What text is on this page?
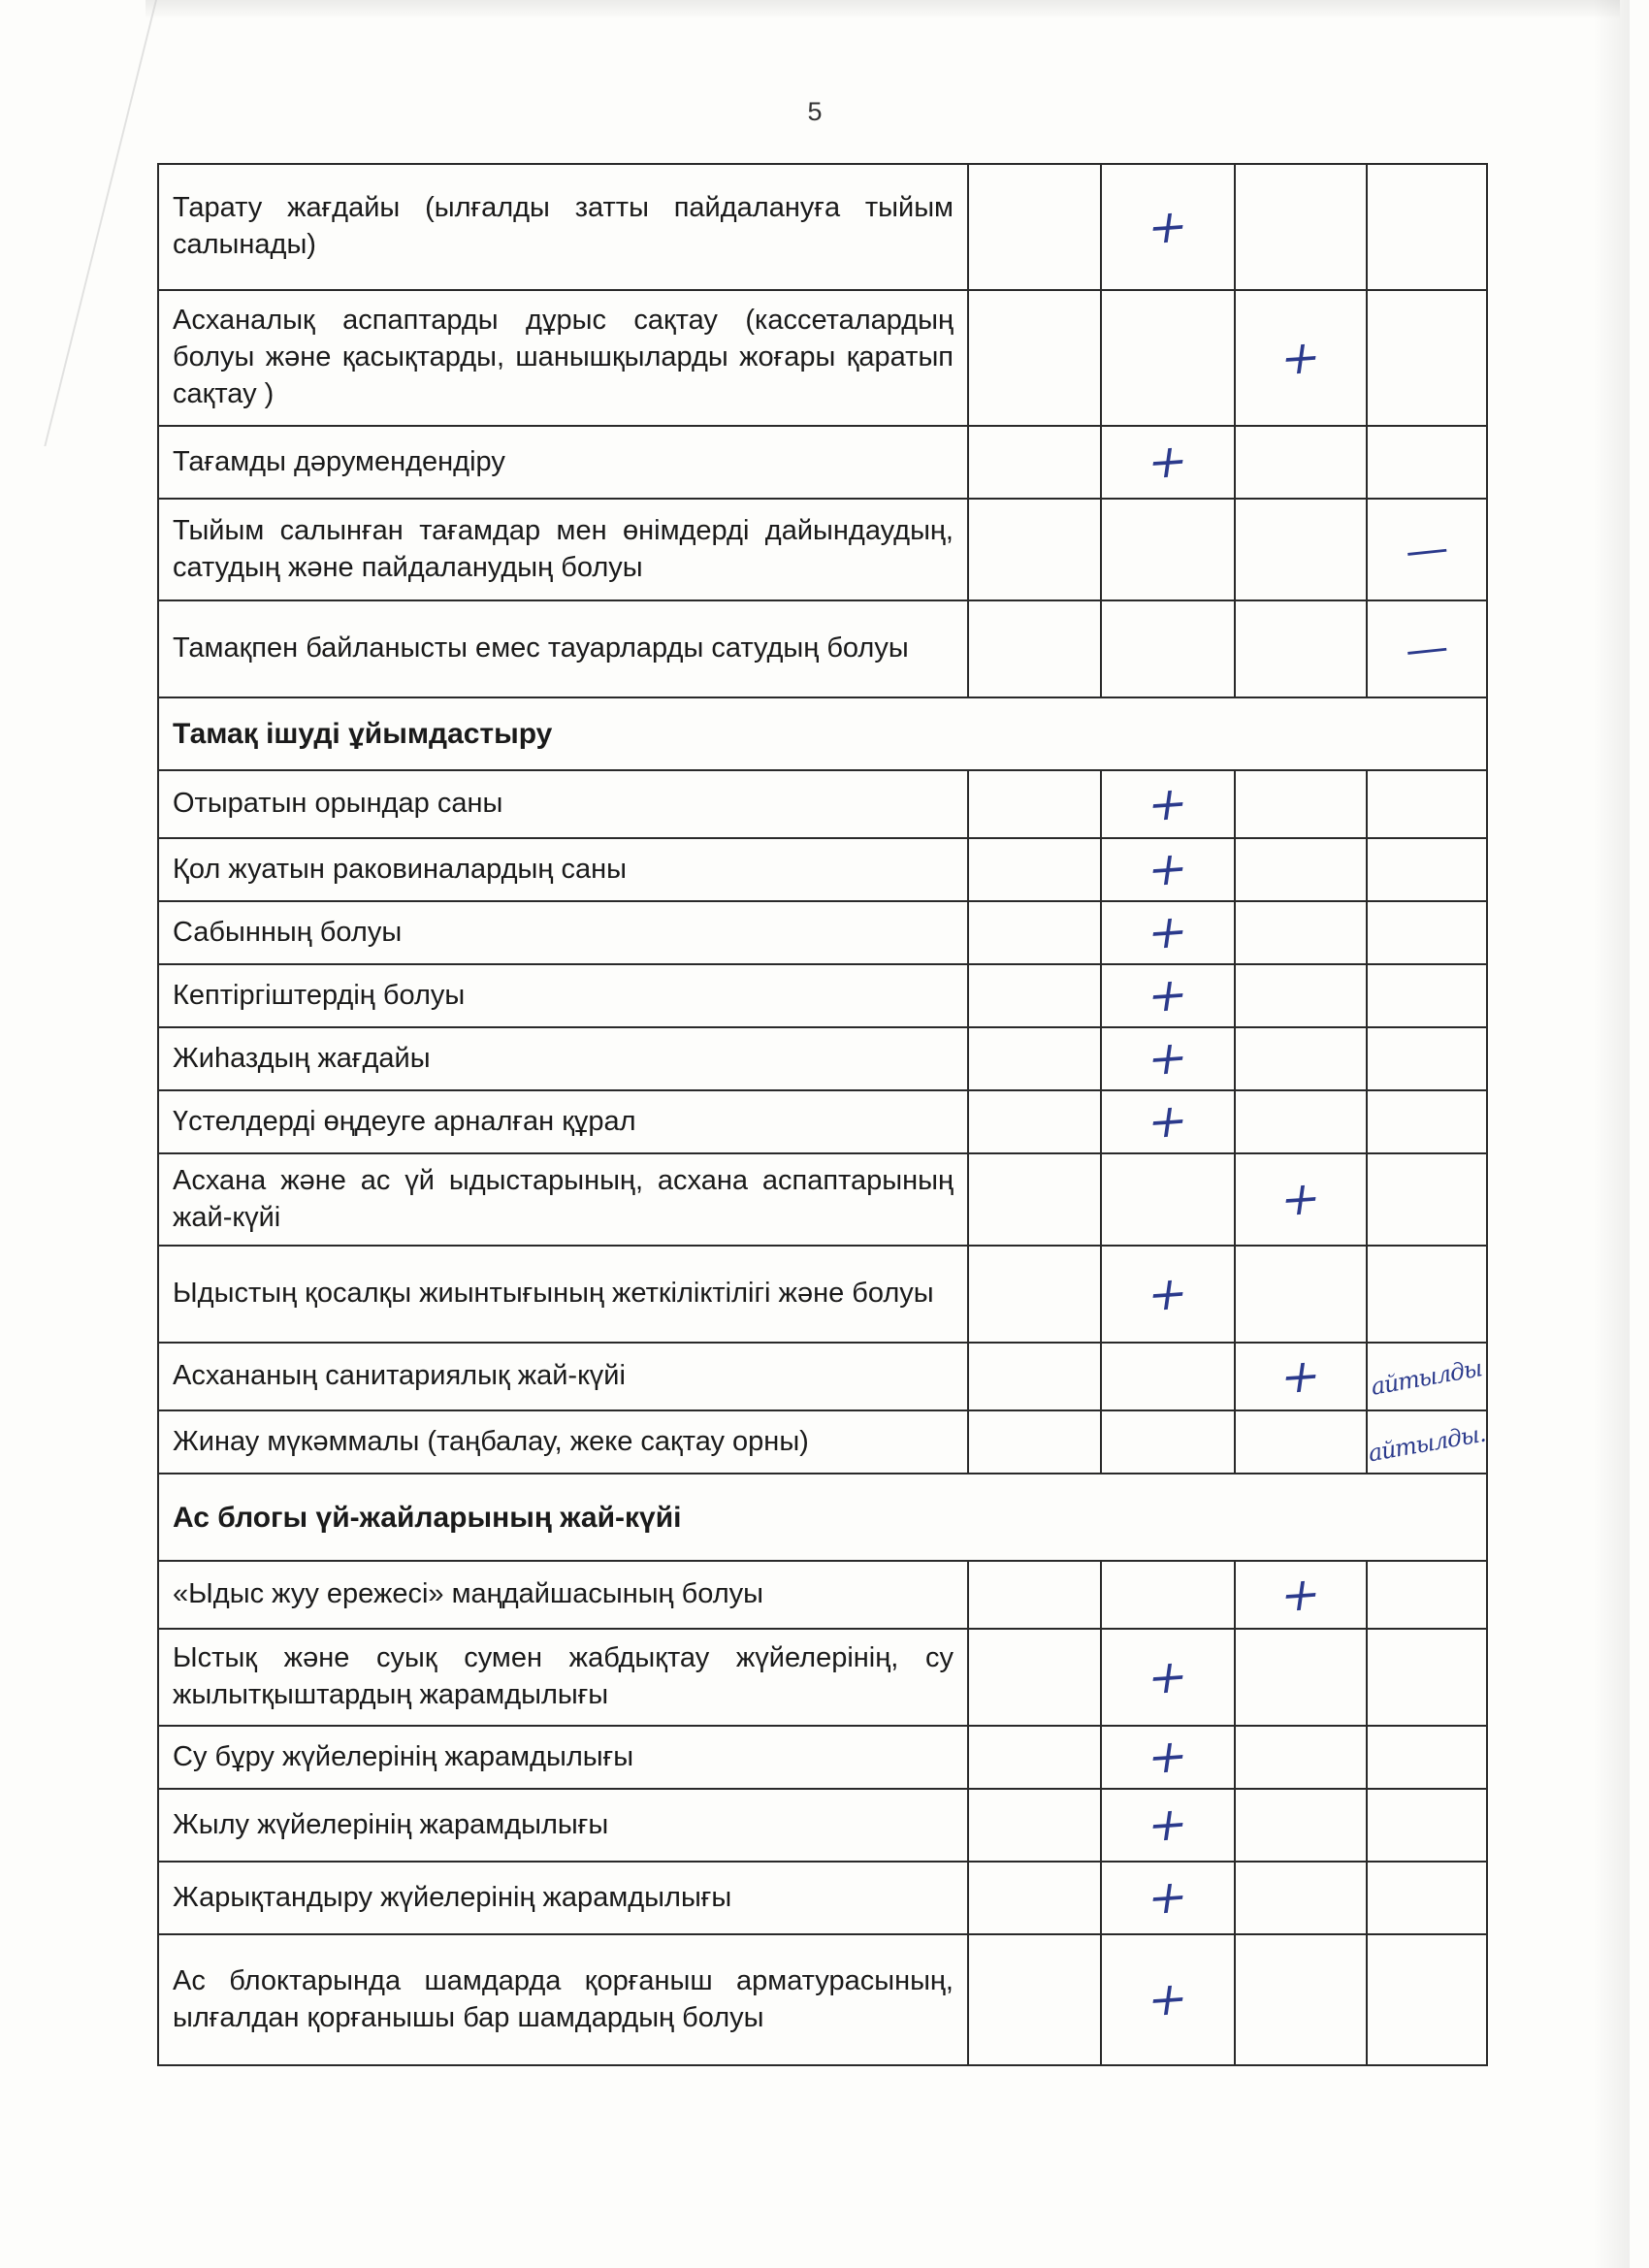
5
Тарату жағдайы (ылғалды затты пайдалануға тыйым салынады)		+		
Асханалық аспаптарды дұрыс сақтау (кассеталардың болуы және қасықтарды, шанышқыларды жоғары қаратып сақтау )			+	
Тағамды дәрумендендіру		+		
Тыйым салынған тағамдар мен өнімдерді дайындаудың, сатудың және пайдаланудың болуы				—
Тамақпен байланысты емес тауарларды сатудың болуы				—
Тамақ ішуді ұйымдастыру				
Отыратын орындар саны		+		
Қол жуатын раковиналардың саны		+		
Сабынның болуы		+		
Кептіргіштердің болуы		+		
Жиһаздың жағдайы		+		
Үстелдерді өңдеуге арналған құрал		+		
Асхана және ас үй ыдыстарының, асхана аспаптарының жай-күйі			+	
Ыдыстың қосалқы жиынтығының жеткіліктілігі және болуы		+		
Асхананың санитариялық жай-күйі			+	айтылды
Жинау мүкәммалы (таңбалау, жеке сақтау орны)				айтылды.
Ас блогы үй-жайларының жай-күйі				
«Ыдыс жуу ережесі» маңдайшасының болуы			+	
Ыстық және суық сумен жабдықтау жүйелерінің, су жылытқыштардың жарамдылығы		+		
Су бұру жүйелерінің жарамдылығы		+		
Жылу жүйелерінің жарамдылығы		+		
Жарықтандыру жүйелерінің жарамдылығы		+		
Ас блоктарында шамдарда қорғаныш арматурасының, ылғалдан қорғанышы бар шамдардың болуы		+		
